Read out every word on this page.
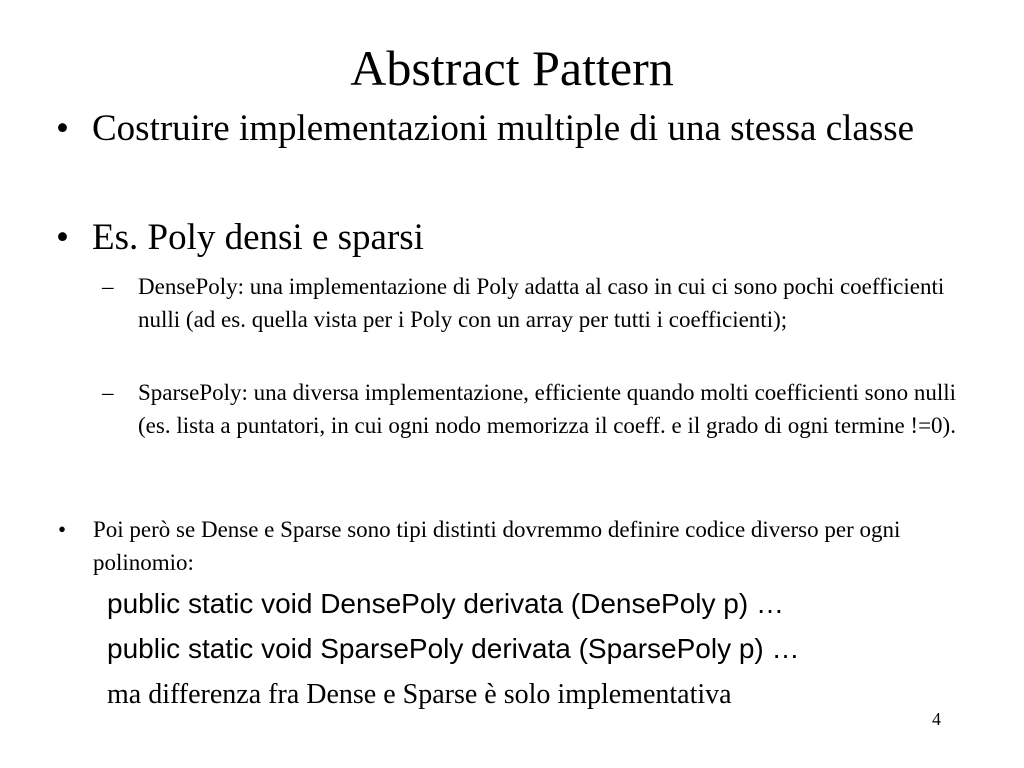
Abstract Pattern
• Costruire implementazioni multiple di una stessa classe
• Es. Poly densi e sparsi
– DensePoly: una implementazione di Poly adatta al caso in cui ci sono pochi coefficienti nulli (ad es. quella vista per i Poly con un array per tutti i coefficienti);
– SparsePoly: una diversa implementazione, efficiente quando molti coefficienti sono nulli (es. lista a puntatori, in cui ogni nodo memorizza il coeff. e il grado di ogni termine !=0).
• Poi però se Dense e Sparse sono tipi distinti dovremmo definire codice diverso per ogni polinomio:
public static void DensePoly derivata (DensePoly p) …
public static void SparsePoly derivata (SparsePoly p) …
ma differenza fra Dense e Sparse è solo implementativa
4
